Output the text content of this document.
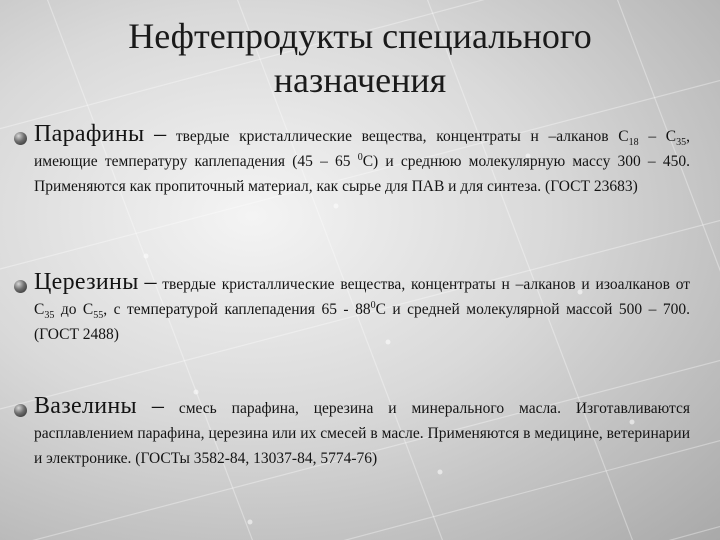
Нефтепродукты специального
назначения
Парафины – твердые кристаллические вещества, концентраты н –алканов $С_{18} - С_{35}$, имеющие температуру каплепадения (45 – 65 $^0$С) и среднюю молекулярную массу 300 – 450. Применяются как пропиточный материал, как сырье для ПАВ и для синтеза. (ГОСТ 23683)
Церезины – твердые кристаллические вещества, концентраты н –алканов и изоалканов от $С_{35}$ до $С_{55}$, с температурой каплепадения $65 - 88^0С$ и средней молекулярной массой 500 – 700. (ГОСТ 2488)
Вазелины – смесь парафина, церезина и минерального масла. Изготавливаются расплавлением парафина, церезина или их смесей в масле. Применяются в медицине, ветеринарии и электронике. (ГОСТы 3582-84, 13037-84, 5774-76)
